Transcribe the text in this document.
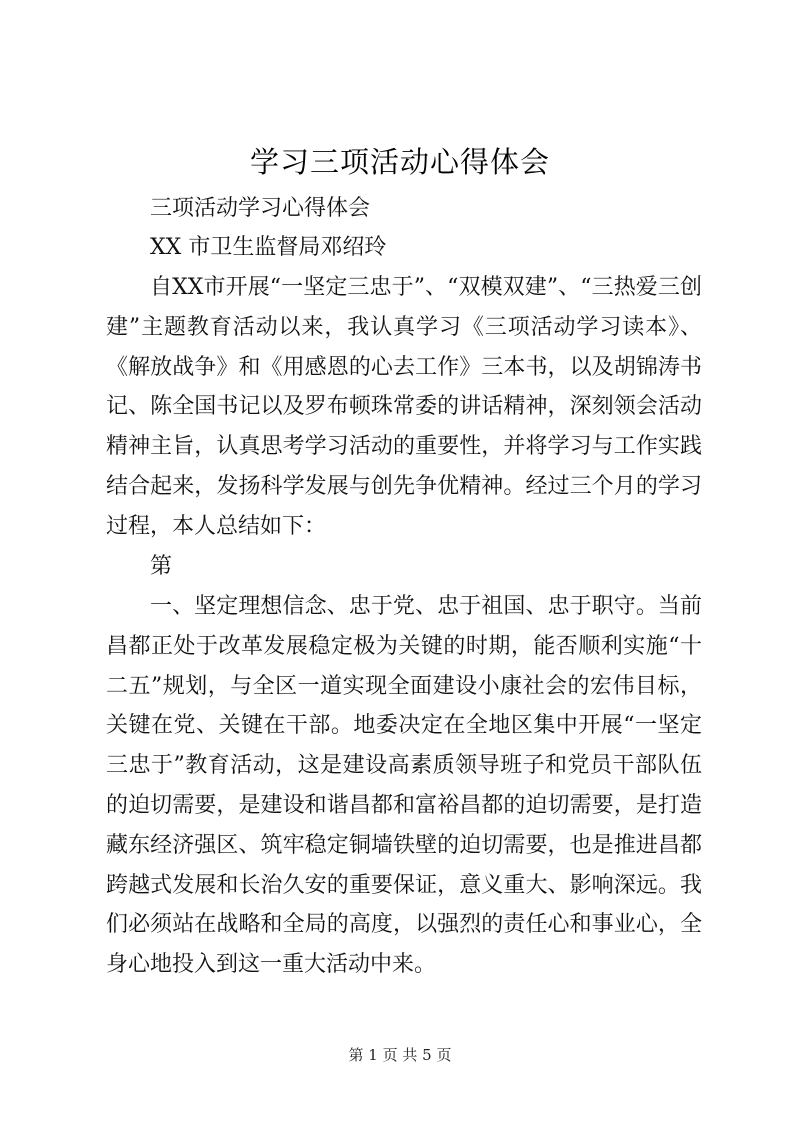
学习三项活动心得体会
三项活动学习心得体会
XX 市卫生监督局邓绍玲

自XX市开展“一坚定三忠于”、“双模双建”、“三热爱三创建”主题教育活动以来，我认真学习《三项活动学习读本》、《解放战争》和《用感恩的心去工作》三本书，以及胡锦涛书记、陈全国书记以及罗布顿珠常委的讲话精神，深刻领会活动精神主旨，认真思考学习活动的重要性，并将学习与工作实践结合起来，发扬科学发展与创先争优精神。经过三个月的学习过程，本人总结如下：

第

一、坚定理想信念、忠于党、忠于祖国、忠于职守。当前昌都正处于改革发展稳定极为关键的时期，能否顺利实施“十二五”规划，与全区一道实现全面建设小康社会的宏伟目标，关键在党、关键在干部。地委决定在全地区集中开展“一坚定三忠于”教育活动，这是建设高素质领导班子和党员干部队伍的迫切需要，是建设和谐昌都和富裕昌都的迫切需要，是打造藏东经济强区、筑牢稳定铜墙铁壁的迫切需要，也是推进昌都跨越式发展和长治久安的重要保证，意义重大、影响深远。我们必须站在战略和全局的高度，以强烈的责任心和事业心，全身心地投入到这一重大活动中来。

第 1 页 共 5 页
